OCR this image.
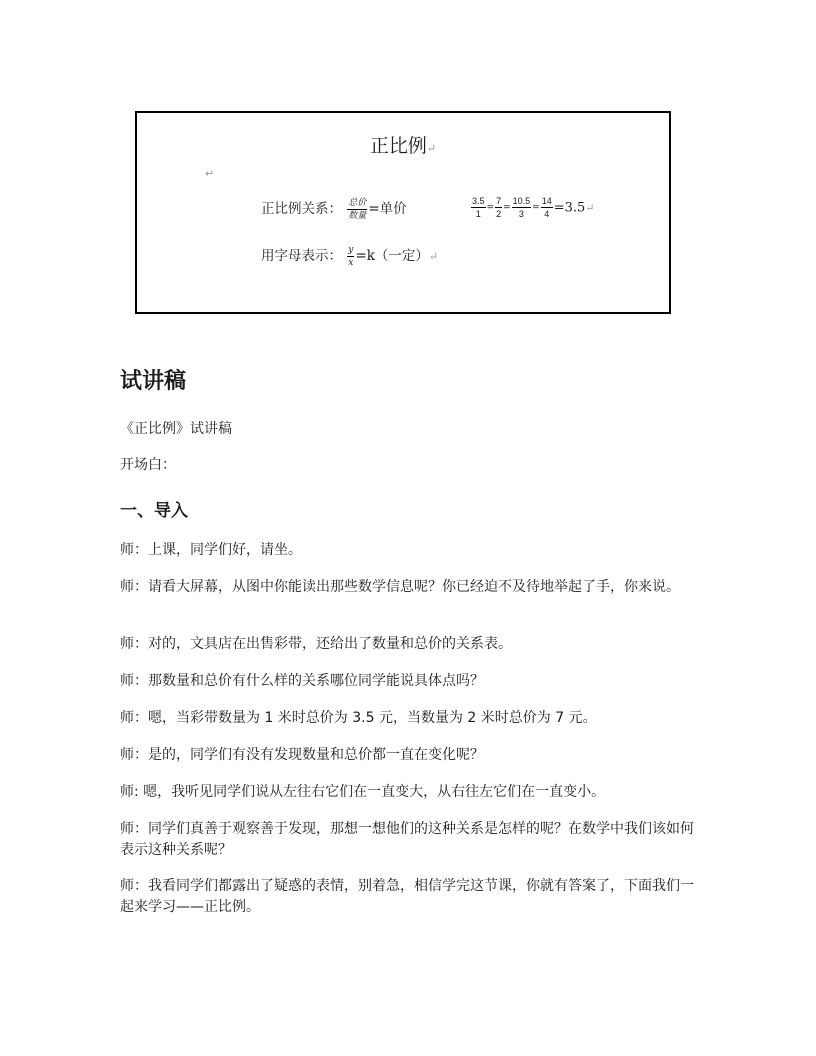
正比例↵
↵
正比例关系： $\frac{\text{总价}}{\text{数量}}$ =单价	$\frac{3.5}{1} = \frac{7}{2} = \frac{10.5}{3} = \frac{14}{4}$ =3.5↵
用字母表示： $\frac{y}{x} =k$（一定）↵
试讲稿

《正比例》试讲稿

开场白：

一、导入

师：上课，同学们好，请坐。

师：请看大屏幕，从图中你能读出那些数学信息呢？你已经迫不及待地举起了手，你来说。

师：对的，文具店在出售彩带，还给出了数量和总价的关系表。

师：那数量和总价有什么样的关系哪位同学能说具体点吗？

师：嗯，当彩带数量为 1 米时总价为 3.5 元，当数量为 2 米时总价为 7 元。

师：是的，同学们有没有发现数量和总价都一直在变化呢？

师: 嗯，我听见同学们说从左往右它们在一直变大，从右往左它们在一直变小。

师：同学们真善于观察善于发现，那想一想他们的这种关系是怎样的呢？在数学中我们该如何表示这种关系呢？

师：我看同学们都露出了疑惑的表情，别着急，相信学完这节课，你就有答案了，下面我们一起来学习——正比例。
